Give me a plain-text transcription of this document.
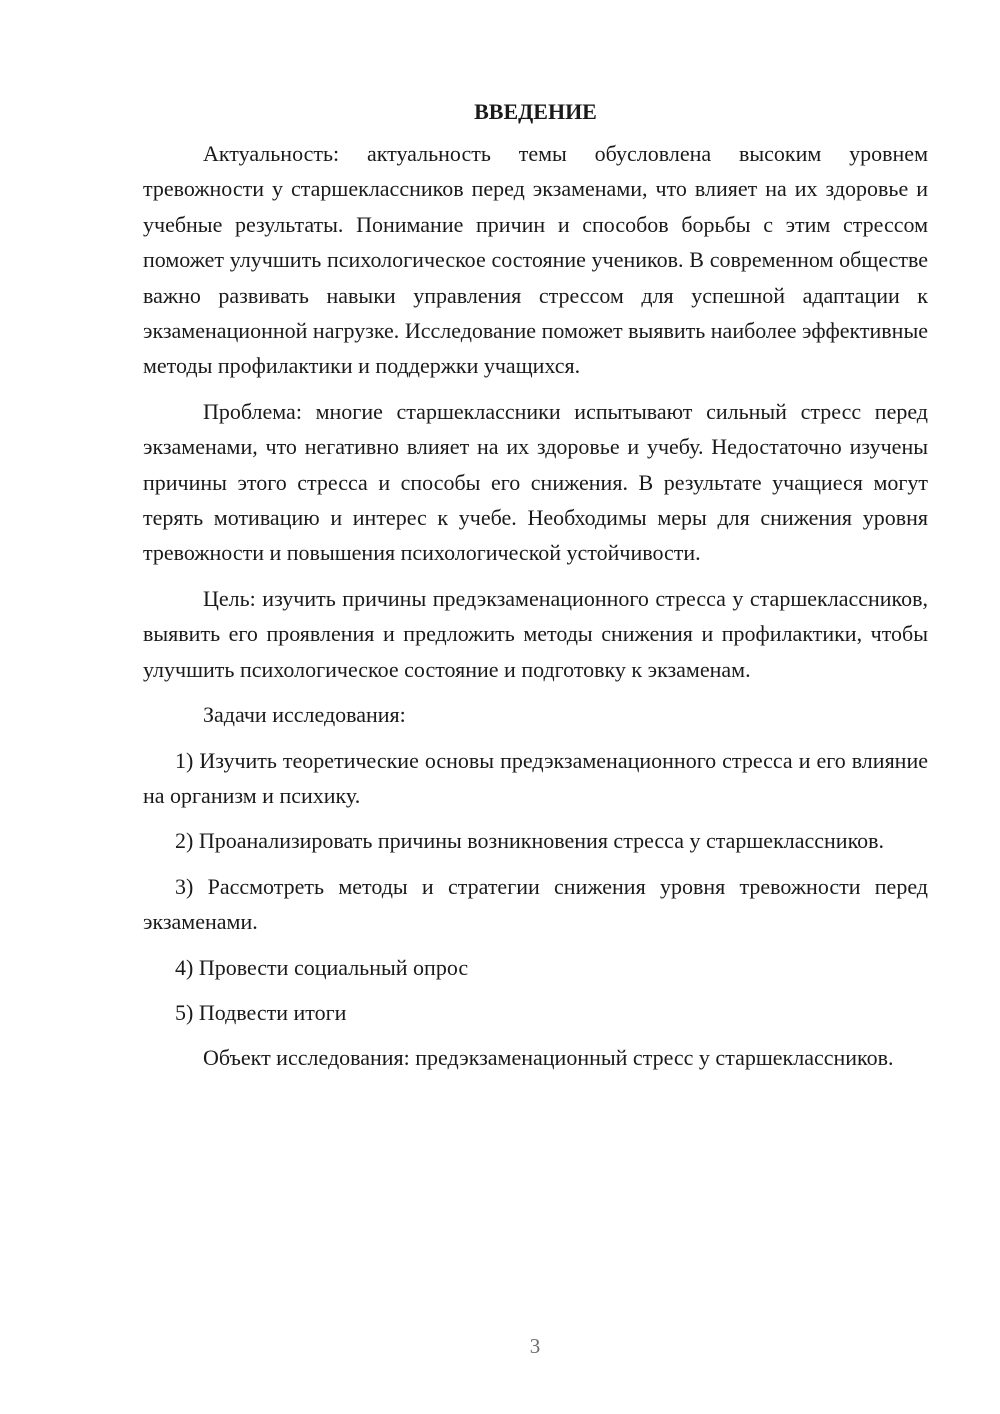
ВВЕДЕНИЕ

Актуальность: актуальность темы обусловлена высоким уровнем тревожности у старшеклассников перед экзаменами, что влияет на их здоровье и учебные результаты. Понимание причин и способов борьбы с этим стрессом поможет улучшить психологическое состояние учеников. В современном обществе важно развивать навыки управления стрессом для успешной адаптации к экзаменационной нагрузке. Исследование поможет выявить наиболее эффективные методы профилактики и поддержки учащихся.

Проблема: многие старшеклассники испытывают сильный стресс перед экзаменами, что негативно влияет на их здоровье и учебу. Недостаточно изучены причины этого стресса и способы его снижения. В результате учащиеся могут терять мотивацию и интерес к учебе. Необходимы меры для снижения уровня тревожности и повышения психологической устойчивости.

Цель: изучить причины предэкзаменационного стресса у старшеклассников, выявить его проявления и предложить методы снижения и профилактики, чтобы улучшить психологическое состояние и подготовку к экзаменам.

Задачи исследования:

1) Изучить теоретические основы предэкзаменационного стресса и его влияние на организм и психику.

2) Проанализировать причины возникновения стресса у старшеклассников.

3) Рассмотреть методы и стратегии снижения уровня тревожности перед экзаменами.

4) Провести социальный опрос

5) Подвести итоги

Объект исследования: предэкзаменационный стресс у старшеклассников.

3
